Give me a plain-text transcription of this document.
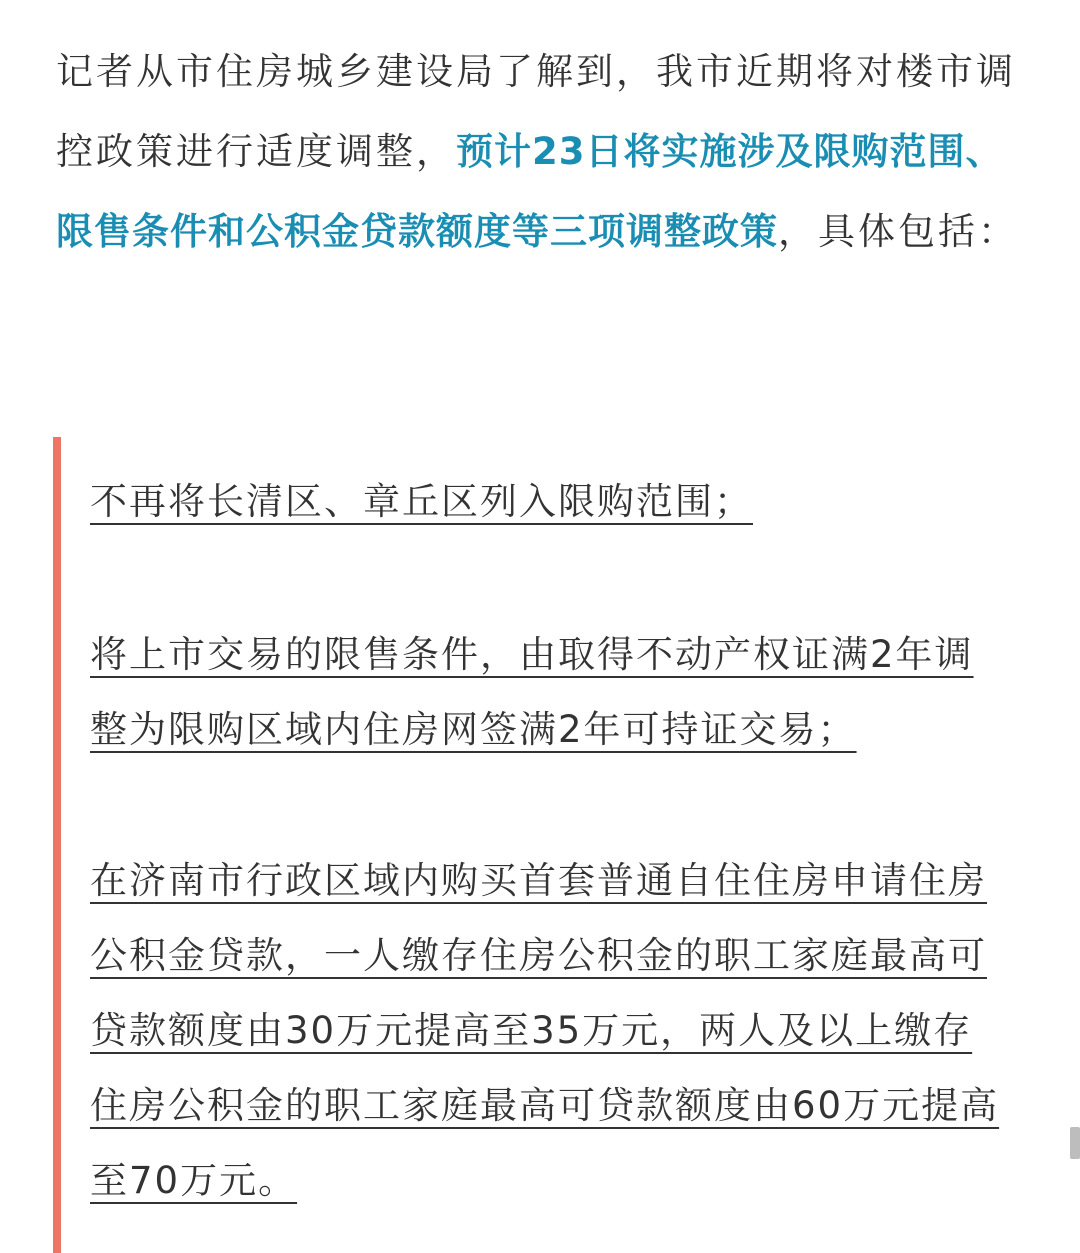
记者从市住房城乡建设局了解到，我市近期将对楼市调控政策进行适度调整，预计23日将实施涉及限购范围、限售条件和公积金贷款额度等三项调整政策，具体包括：

不再将长清区、章丘区列入限购范围；

将上市交易的限售条件，由取得不动产权证满2年调整为限购区域内住房网签满2年可持证交易；

在济南市行政区域内购买首套普通自住住房申请住房公积金贷款，一人缴存住房公积金的职工家庭最高可贷款额度由30万元提高至35万元，两人及以上缴存住房公积金的职工家庭最高可贷款额度由60万元提高至70万元。
